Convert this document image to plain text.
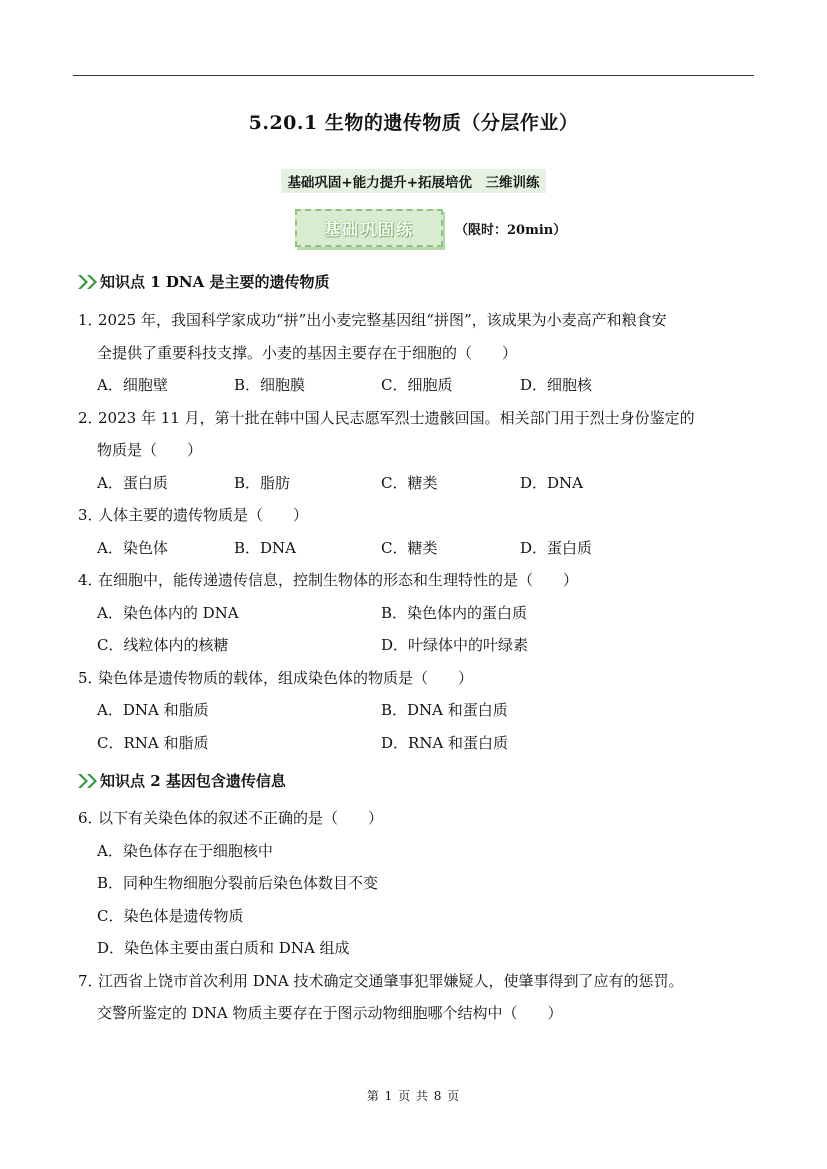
5.20.1 生物的遗传物质（分层作业）
基础巩固+能力提升+拓展培优　三维训练
基础巩固练	（限时：20min）
知识点 1 DNA 是主要的遗传物质
1．2025 年，我国科学家成功“拼”出小麦完整基因组“拼图”，该成果为小麦高产和粮食安
全提供了重要科技支撑。小麦的基因主要存在于细胞的（　　）
A．细胞壁	B．细胞膜	C．细胞质	D．细胞核
2．2023 年 11 月，第十批在韩中国人民志愿军烈士遗骸回国。相关部门用于烈士身份鉴定的
物质是（　　）
A．蛋白质	B．脂肪	C．糖类	D．DNA
3．人体主要的遗传物质是（　　）
A．染色体	B．DNA	C．糖类	D．蛋白质
4．在细胞中，能传递遗传信息，控制生物体的形态和生理特性的是（　　）
A．染色体内的 DNA	B．染色体内的蛋白质
C．线粒体内的核糖	D．叶绿体中的叶绿素
5．染色体是遗传物质的载体，组成染色体的物质是（　　）
A．DNA 和脂质	B．DNA 和蛋白质
C．RNA 和脂质	D．RNA 和蛋白质
知识点 2 基因包含遗传信息
6．以下有关染色体的叙述不正确的是（　　）
A．染色体存在于细胞核中
B．同种生物细胞分裂前后染色体数目不变
C．染色体是遗传物质
D．染色体主要由蛋白质和 DNA 组成
7．江西省上饶市首次利用 DNA 技术确定交通肇事犯罪嫌疑人，使肇事得到了应有的惩罚。
交警所鉴定的 DNA 物质主要存在于图示动物细胞哪个结构中（　　）
第 1 页 共 8 页
